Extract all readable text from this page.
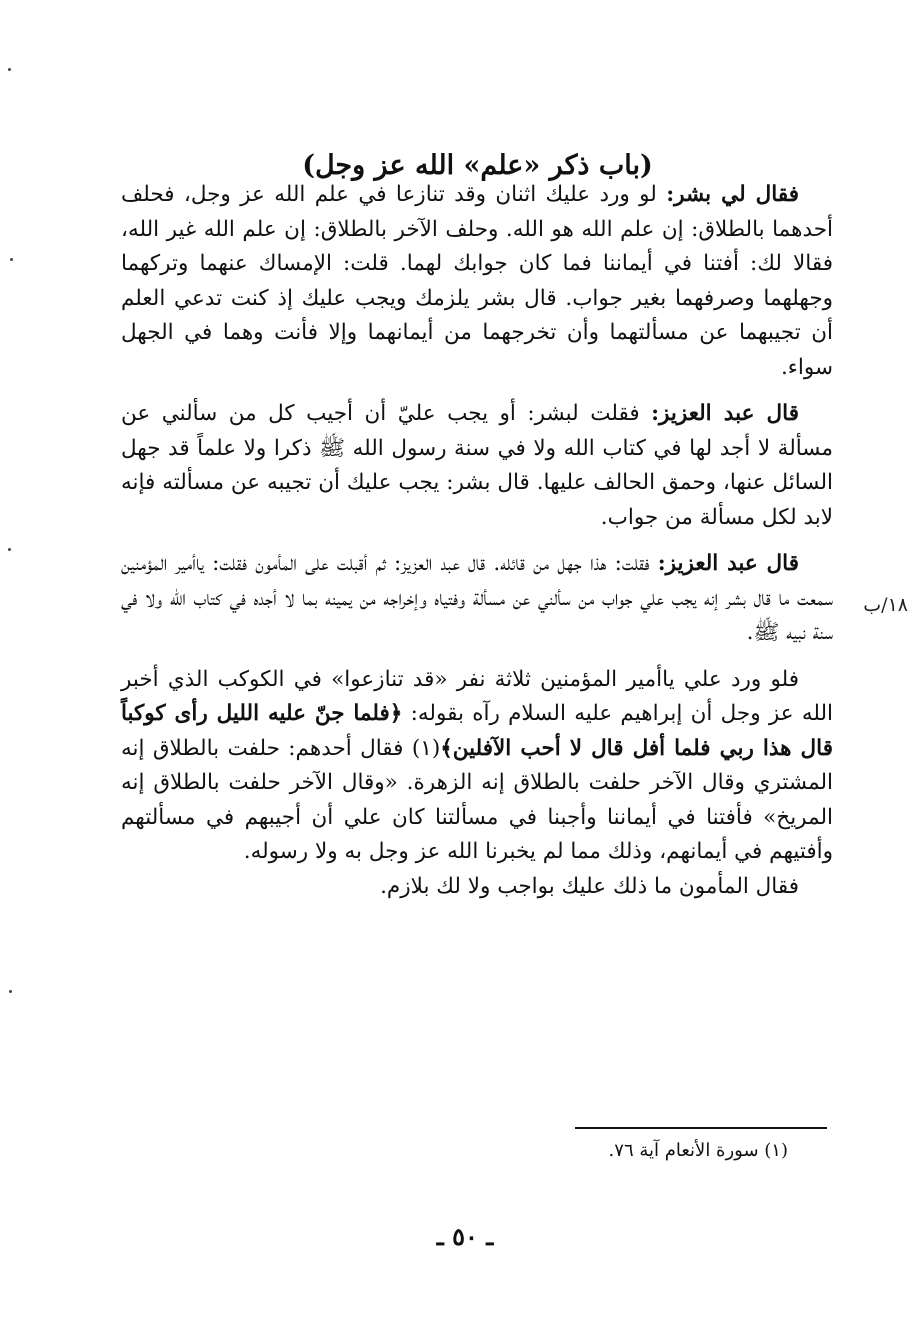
(باب ذكر «علم» الله عز وجل)
١٨/ب

فقال لي بشر: لو ورد عليك اثنان وقد تنازعا في علم الله عز وجل، فحلف أحدهما بالطلاق: إن علم الله هو الله. وحلف الآخر بالطلاق: إن علم الله غير الله، فقالا لك: أفتنا في أيماننا فما كان جوابك لهما. قلت: الإمساك عنهما وتركهما وجهلهما وصرفهما بغير جواب. قال بشر يلزمك ويجب عليك إذ كنت تدعي العلم أن تجيبهما عن مسألتهما وأن تخرجهما من أيمانهما وإلا فأنت وهما في الجهل سواء.

قال عبد العزيز: فقلت لبشر: أو يجب عليّ أن أجيب كل من سألني عن مسألة لا أجد لها في كتاب الله ولا في سنة رسول الله ﷺ ذكرا ولا علماً قد جهل السائل عنها، وحمق الحالف عليها. قال بشر: يجب عليك أن تجيبه عن مسألته فإنه لابد لكل مسألة من جواب.

قال عبد العزيز: فقلت: هذا جهل من قائله. قال عبد العزيز: ثم أقبلت على المأمون فقلت: ياأمير المؤمنين سمعت ما قال بشر إنه يجب علي جواب من سألني عن مسألة وفتياه وإخراجه من يمينه بما لا أجده في كتاب الله ولا في سنة نبيه ﷺ.

فلو ورد علي ياأمير المؤمنين ثلاثة نفر «قد تنازعوا» في الكوكب الذي أخبر الله عز وجل أن إبراهيم عليه السلام رآه بقوله: ﴿فلما جنّ عليه الليل رأى كوكباً قال هذا ربي فلما أفل قال لا أحب الآفلين﴾(١) فقال أحدهم: حلفت بالطلاق إنه المشتري وقال الآخر حلفت بالطلاق إنه الزهرة. «وقال الآخر حلفت بالطلاق إنه المريخ» فأفتنا في أيماننا وأجبنا في مسألتنا كان علي أن أجيبهم في مسألتهم وأفتيهم في أيمانهم، وذلك مما لم يخبرنا الله عز وجل به ولا رسوله.

فقال المأمون ما ذلك عليك بواجب ولا لك بلازم.

(١) سورة الأنعام آية ٧٦.
ـ ٥٠ ـ
